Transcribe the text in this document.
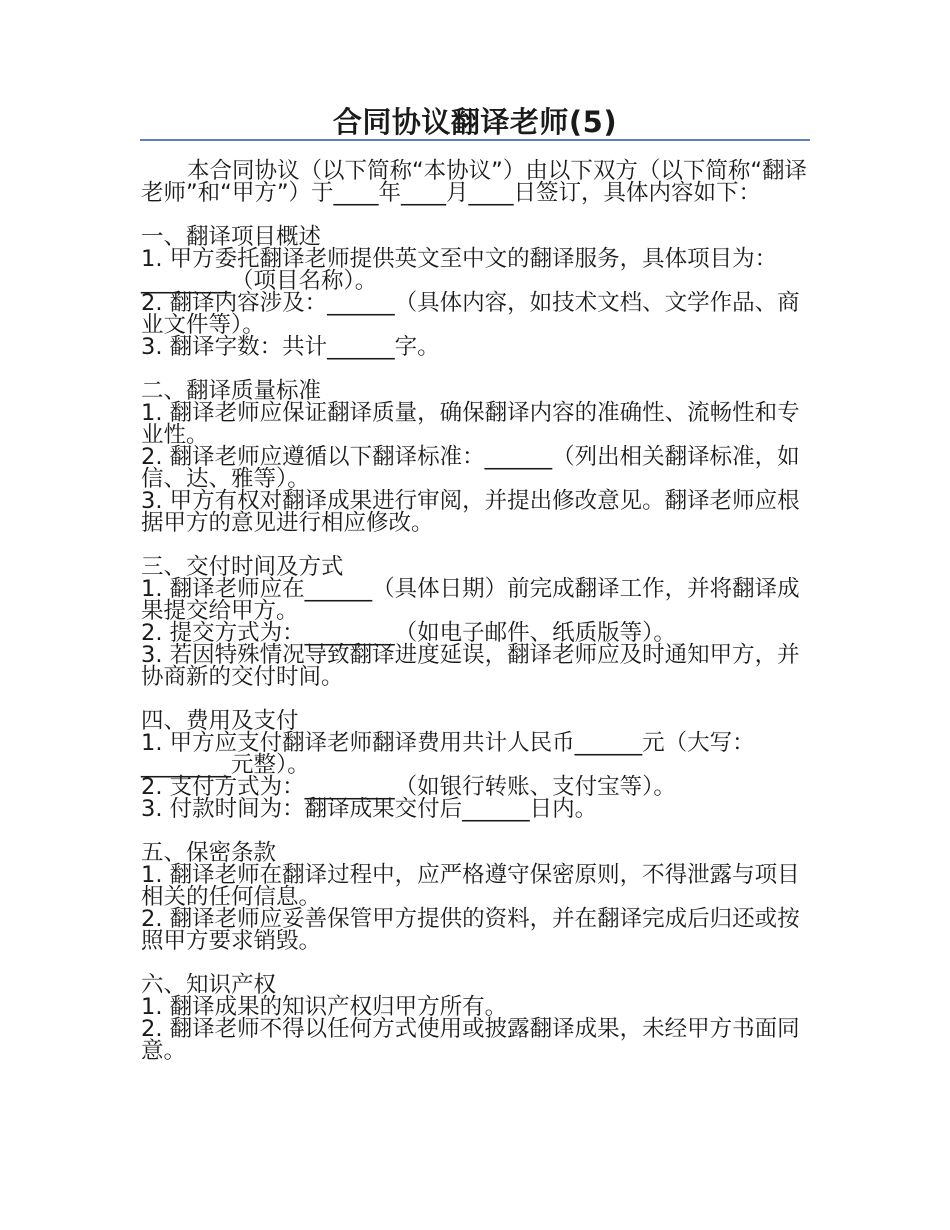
合同协议翻译老师(5)

本合同协议（以下简称“本协议”）由以下双方（以下简称“翻译老师”和“甲方”）于____年____月____日签订，具体内容如下：

一、翻译项目概述

1. 甲方委托翻译老师提供英文至中文的翻译服务，具体项目为：________（项目名称）。

2. 翻译内容涉及：______（具体内容，如技术文档、文学作品、商业文件等）。

3. 翻译字数：共计______字。

二、翻译质量标准

1. 翻译老师应保证翻译质量，确保翻译内容的准确性、流畅性和专业性。

2. 翻译老师应遵循以下翻译标准：______（列出相关翻译标准，如信、达、雅等）。

3. 甲方有权对翻译成果进行审阅，并提出修改意见。翻译老师应根据甲方的意见进行相应修改。

三、交付时间及方式

1. 翻译老师应在______（具体日期）前完成翻译工作，并将翻译成果提交给甲方。

2. 提交方式为：________（如电子邮件、纸质版等）。

3. 若因特殊情况导致翻译进度延误，翻译老师应及时通知甲方，并协商新的交付时间。

四、费用及支付

1. 甲方应支付翻译老师翻译费用共计人民币______元（大写：________元整）。

2. 支付方式为：________（如银行转账、支付宝等）。

3. 付款时间为：翻译成果交付后______日内。

五、保密条款

1. 翻译老师在翻译过程中，应严格遵守保密原则，不得泄露与项目相关的任何信息。

2. 翻译老师应妥善保管甲方提供的资料，并在翻译完成后归还或按照甲方要求销毁。

六、知识产权

1. 翻译成果的知识产权归甲方所有。

2. 翻译老师不得以任何方式使用或披露翻译成果，未经甲方书面同意。
